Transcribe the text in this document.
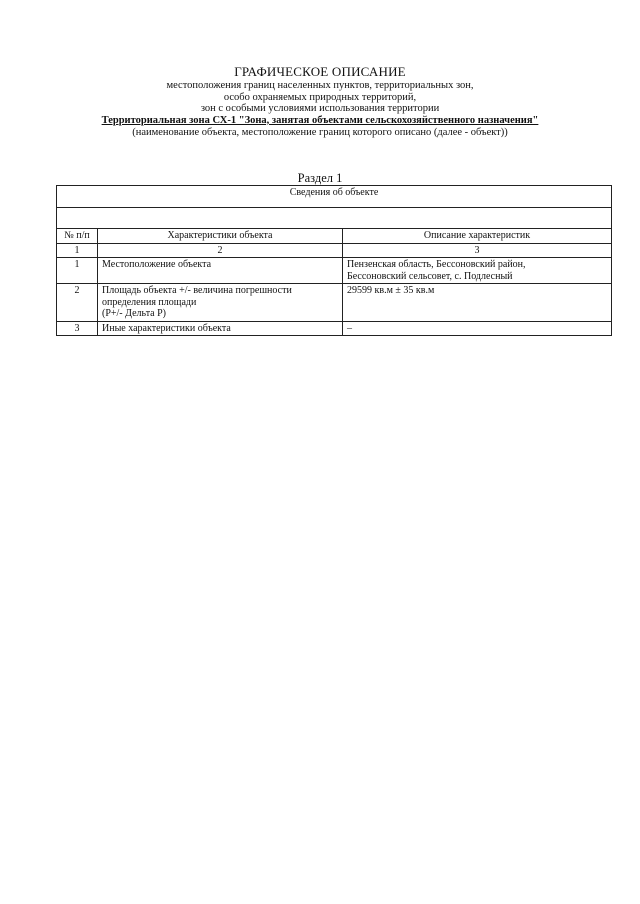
ГРАФИЧЕСКОЕ ОПИСАНИЕ
местоположения границ населенных пунктов, территориальных зон,
особо охраняемых природных территорий,
зон с особыми условиями использования территории
Территориальная зона СХ-1 "Зона, занятая объектами сельскохозяйственного назначения"
(наименование объекта, местоположение границ которого описано (далее - объект))
Раздел 1
Сведения об объекте		

№ п/п	Характеристики объекта	Описание характеристик
1	2	3
1	Местоположение объекта	Пензенская область, Бессоновский район,
Бессоновский сельсовет, с. Подлесный

2	Площадь объекта +/- величина погрешности
определения площади
(P+/- Дельта P)	29599 кв.м ± 35 кв.м

3	Иные характеристики объекта	–
